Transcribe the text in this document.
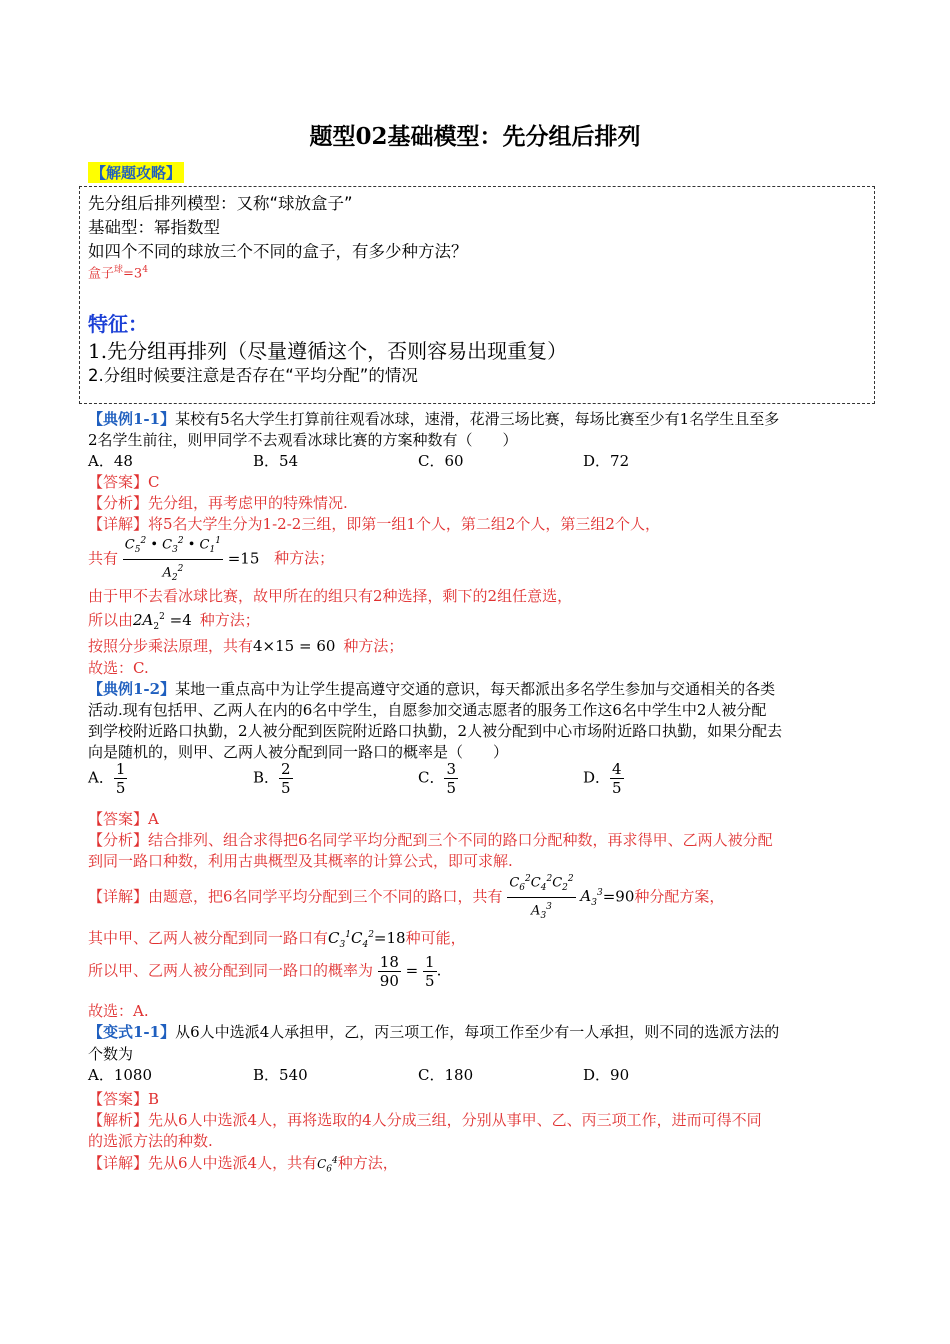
题型02基础模型：先分组后排列
【解题攻略】
先分组后排列模型：又称“球放盒子”
基础型：幂指数型
如四个不同的球放三个不同的盒子，有多少种方法？
盒子$^球=3^4$
特征：
1.先分组再排列（尽量遵循这个，否则容易出现重复）
2.分组时候要注意是否存在“平均分配”的情况
【典例1-1】某校有5名大学生打算前往观看冰球，速滑，花滑三场比赛，每场比赛至少有1名学生且至多
2名学生前往，则甲同学不去观看冰球比赛的方案种数有（　　）
A．48	B．54	C．60	D．72
【答案】C
【分析】先分组，再考虑甲的特殊情况.
【详解】将5名大学生分为1-2-2三组，即第一组1个人，第二组2个人，第三组2个人，
共有 $\frac{C_5^2 • C_3^2 • C_1^1}{A_2^2} =15$ 种方法；
由于甲不去看冰球比赛，故甲所在的组只有2种选择，剩下的2组任意选，
所以由$2A_2^2 =4$ 种方法；
按照分步乘法原理，共有4×15 = 60 种方法；
故选：C.
【典例1-2】某地一重点高中为让学生提高遵守交通的意识，每天都派出多名学生参加与交通相关的各类
活动.现有包括甲、乙两人在内的6名中学生，自愿参加交通志愿者的服务工作这6名中学生中2人被分配
到学校附近路口执勤，2人被分配到医院附近路口执勤，2人被分配到中心市场附近路口执勤，如果分配去
向是随机的，则甲、乙两人被分配到同一路口的概率是（　　）
A． $\frac{1}{5}$	B． $\frac{2}{5}$	C． $\frac{3}{5}$	D． $\frac{4}{5}$
【答案】A
【分析】结合排列、组合求得把6名同学平均分配到三个不同的路口分配种数，再求得甲、乙两人被分配
到同一路口种数，利用古典概型及其概率的计算公式，即可求解.
【详解】由题意，把6名同学平均分配到三个不同的路口，共有 $\frac{C_6^2C_4^2C_2^2}{A_3^3} A_3^3=90$种分配方案，
其中甲、乙两人被分配到同一路口有$C_3^1C_4^2=18$种可能，
所以甲、乙两人被分配到同一路口的概率为 $\frac{18}{90} = \frac{1}{5}$ .
故选：A.
【变式1-1】从6人中选派4人承担甲，乙，丙三项工作，每项工作至少有一人承担，则不同的选派方法的
个数为
A．1080	B．540	C．180	D．90
【答案】B
【解析】先从6人中选派4人，再将选取的4人分成三组，分别从事甲、乙、丙三项工作，进而可得不同
的选派方法的种数.
【详解】先从6人中选派4人，共有$C_6^4$种方法，
